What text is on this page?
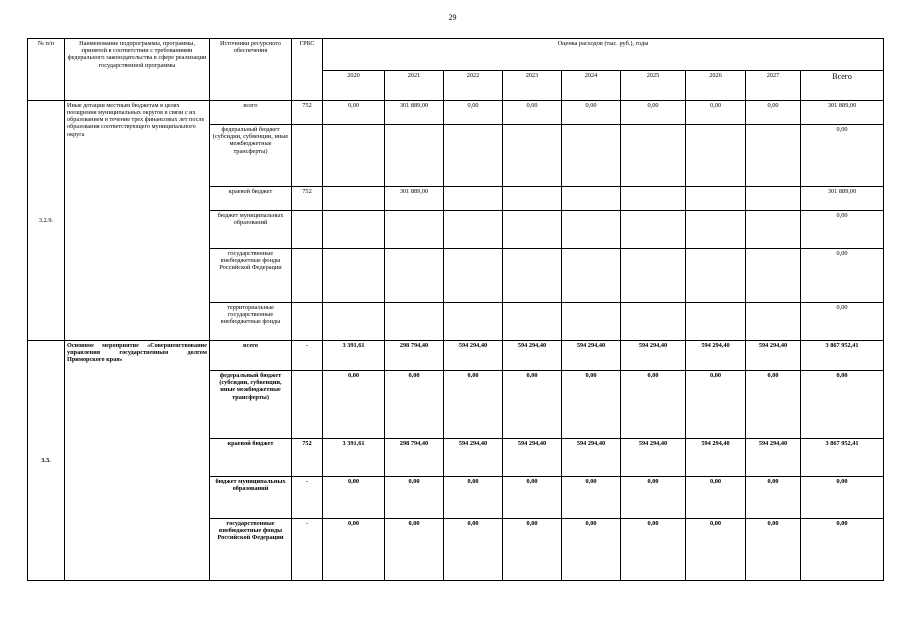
29
№ п/п	Наименование подпрограммы, программы, принятой в соответствии с требованиями федерального законодательства в сфере реализации государственной программы	Источники ресурсного обеспечения	ГРБС	Оценка расходов (тыс. руб.), годы								
				2020	2021	2022	2023	2024	2025	2026	2027	Всего
3.2.9.	Иные дотации местным бюджетам в целях поощрения муниципальных округов в связи с их образованием в течение трех финансовых лет после образования соответствующего муниципального округа	всего	752	0,00	301 889,00	0,00	0,00	0,00	0,00	0,00	0,00	301 889,00
		федеральный бюджет (субсидии, субвенции, иные межбюджетные трансферты)										0,00
		краевой бюджет	752		301 889,00							301 889,00
		бюджет муниципальных образований										0,00
		государственные внебюджетные фонды Российской Федерации										0,00
		территориальные государственные внебюджетные фонды										0,00
3.3.	Основное мероприятие «Совершенствование управления государственным долгом Приморского края»	всего	-	3 391,61	298 794,40	594 294,40	594 294,40	594 294,40	594 294,40	594 294,40	594 294,40	3 867 952,41
		федеральный бюджет (субсидии, субвенции, иные межбюджетные трансферты)		0,00	0,00	0,00	0,00	0,00	0,00	0,00	0,00	0,00
		краевой бюджет	752	3 391,61	298 794,40	594 294,40	594 294,40	594 294,40	594 294,40	594 294,40	594 294,40	3 867 952,41
		бюджет муниципальных образований	-	0,00	0,00	0,00	0,00	0,00	0,00	0,00	0,00	0,00
		государственные внебюджетные фонды Российской Федерации	-	0,00	0,00	0,00	0,00	0,00	0,00	0,00	0,00	0,00
